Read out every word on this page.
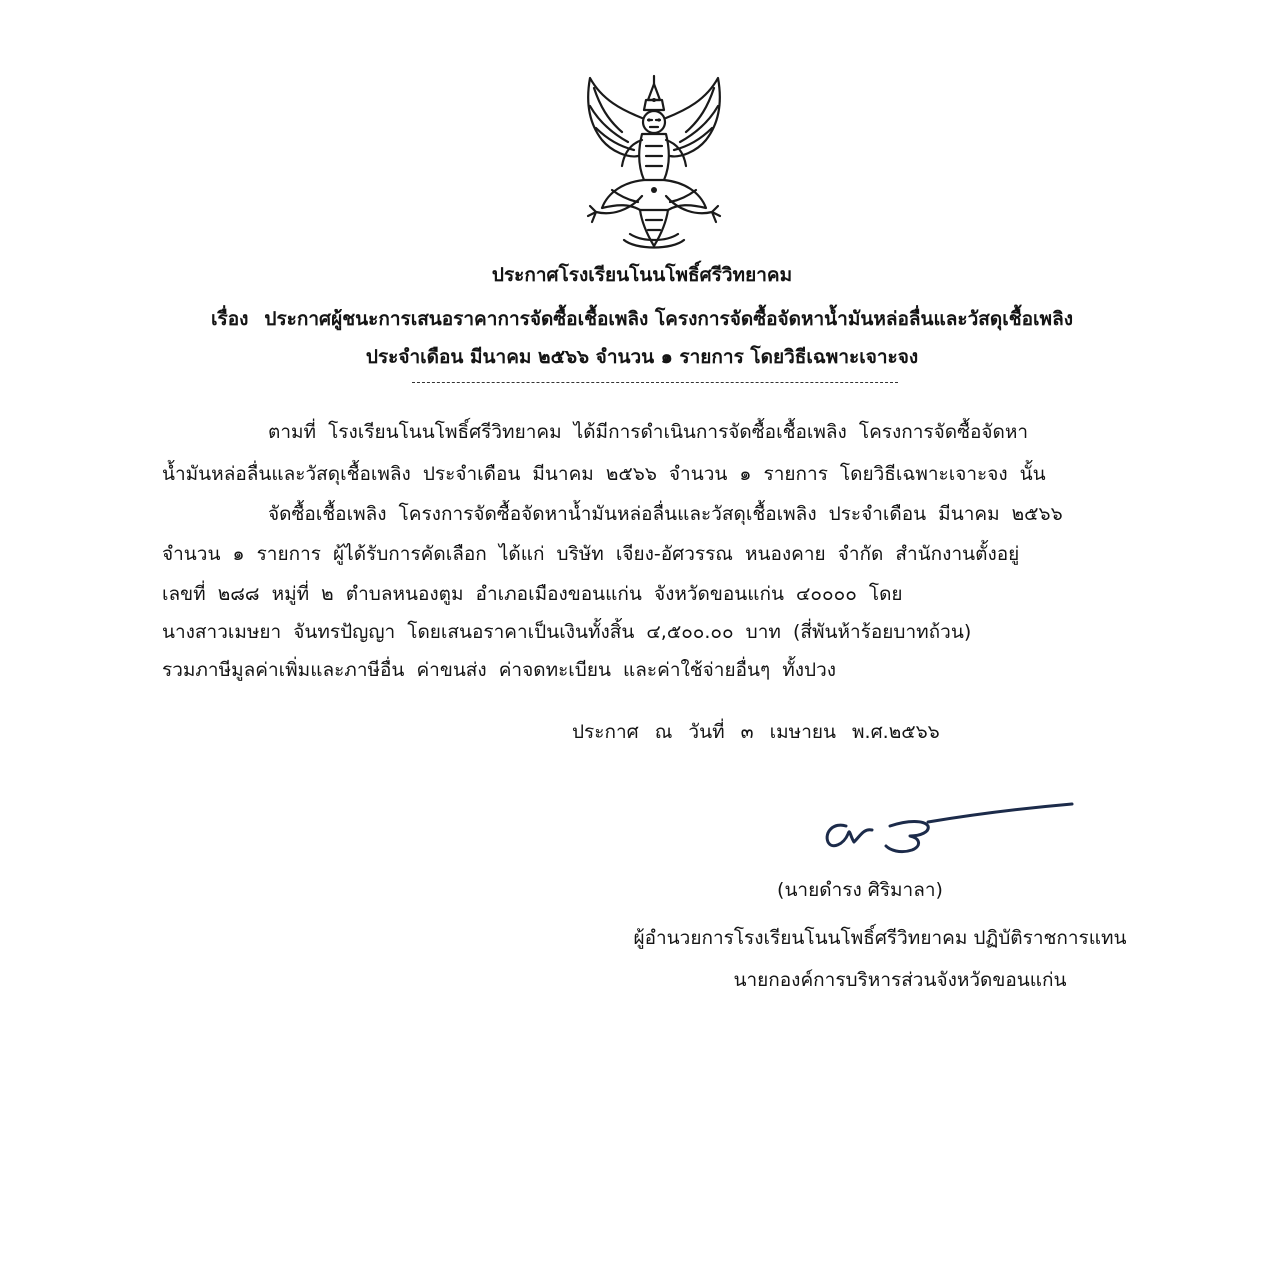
ประกาศโรงเรียนโนนโพธิ์ศรีวิทยาคม
เรื่อง ประกาศผู้ชนะการเสนอราคาการจัดซื้อเชื้อเพลิง โครงการจัดซื้อจัดหาน้ำมันหล่อลื่นและวัสดุเชื้อเพลิง
ประจำเดือน มีนาคม ๒๕๖๖ จำนวน ๑ รายการ โดยวิธีเฉพาะเจาะจง
ตามที่ โรงเรียนโนนโพธิ์ศรีวิทยาคม ได้มีการดำเนินการจัดซื้อเชื้อเพลิง โครงการจัดซื้อจัดหา
น้ำมันหล่อลื่นและวัสดุเชื้อเพลิง ประจำเดือน มีนาคม ๒๕๖๖ จำนวน ๑ รายการ โดยวิธีเฉพาะเจาะจง นั้น
จัดซื้อเชื้อเพลิง โครงการจัดซื้อจัดหาน้ำมันหล่อลื่นและวัสดุเชื้อเพลิง ประจำเดือน มีนาคม ๒๕๖๖
จำนวน ๑ รายการ ผู้ได้รับการคัดเลือก ได้แก่ บริษัท เจียง-อัศวรรณ หนองคาย จำกัด สำนักงานตั้งอยู่
เลขที่ ๒๘๘ หมู่ที่ ๒ ตำบลหนองตูม อำเภอเมืองขอนแก่น จังหวัดขอนแก่น ๔๐๐๐๐ โดย
นางสาวเมษยา จันทรปัญญา โดยเสนอราคาเป็นเงินทั้งสิ้น ๔,๕๐๐.๐๐ บาท (สี่พันห้าร้อยบาทถ้วน)
รวมภาษีมูลค่าเพิ่มและภาษีอื่น ค่าขนส่ง ค่าจดทะเบียน และค่าใช้จ่ายอื่นๆ ทั้งปวง
ประกาศ ณ วันที่ ๓ เมษายน พ.ศ.๒๕๖๖
(นายดำรง ศิริมาลา)
ผู้อำนวยการโรงเรียนโนนโพธิ์ศรีวิทยาคม ปฏิบัติราชการแทน
นายกองค์การบริหารส่วนจังหวัดขอนแก่น
